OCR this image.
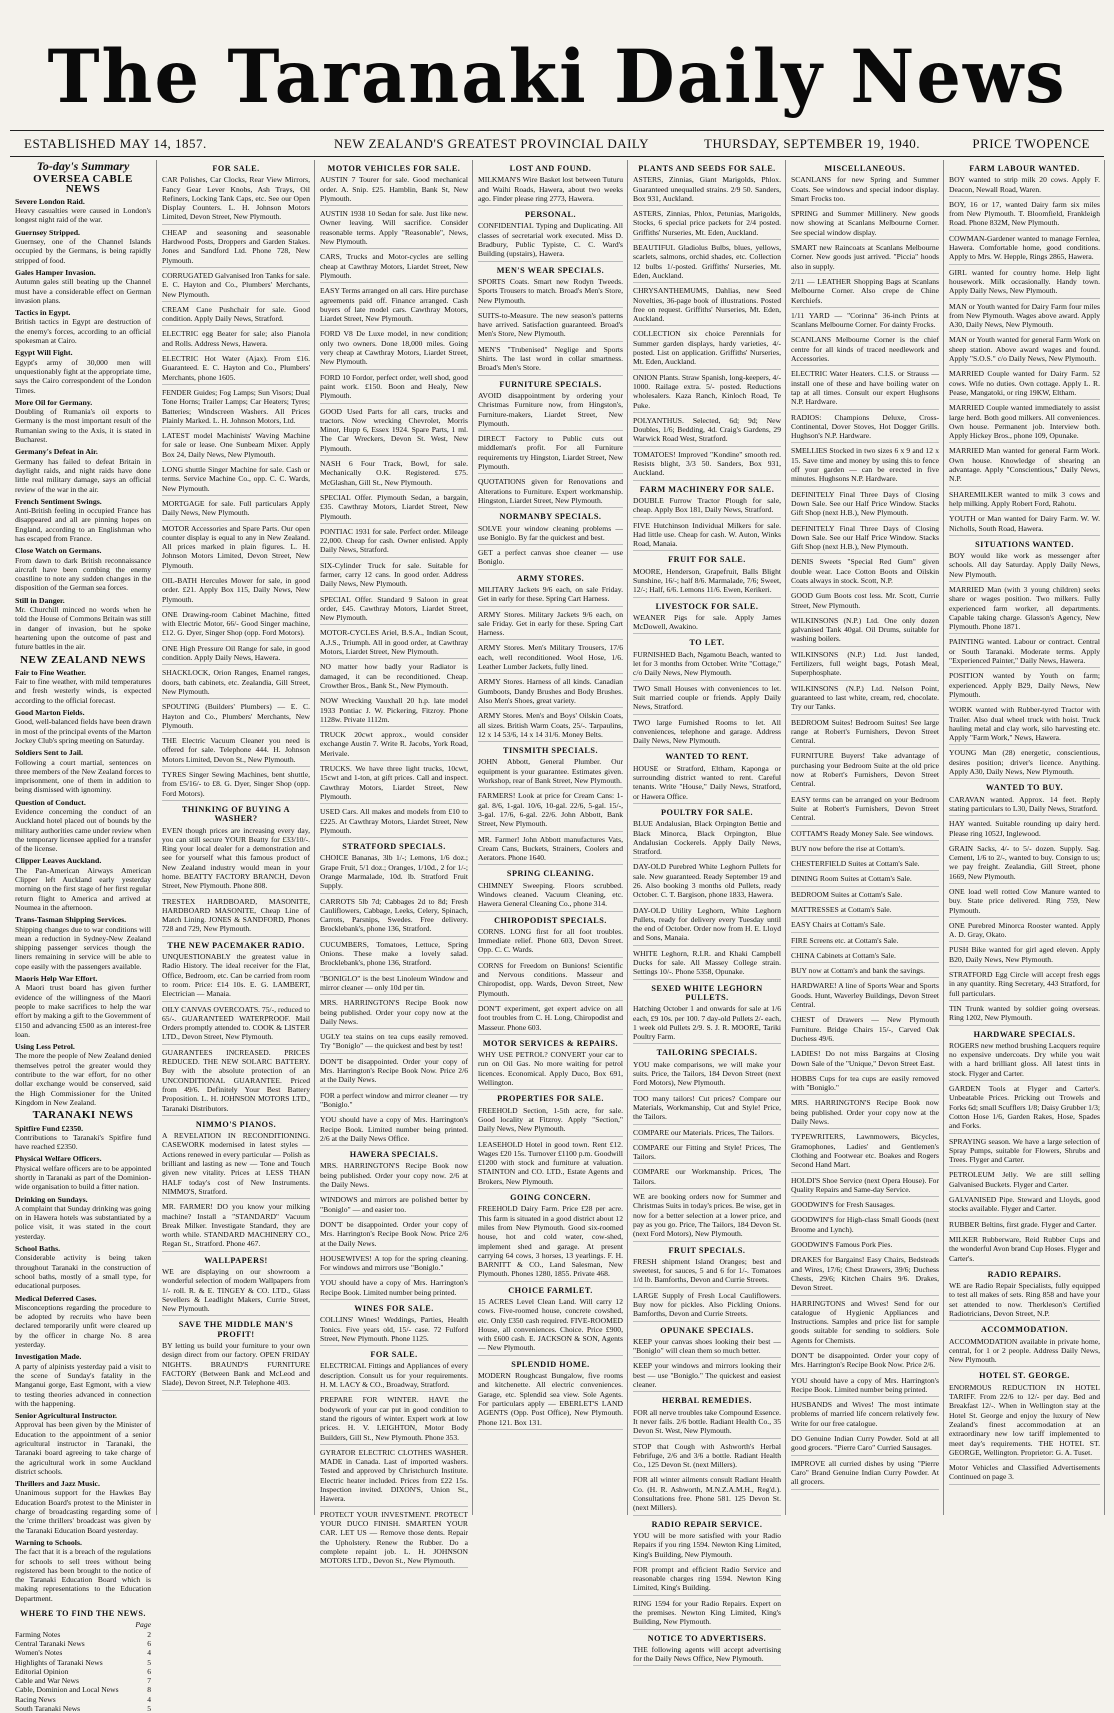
The Taranaki Daily News
ESTABLISHED MAY 14, 1857.	NEW ZEALAND'S GREATEST PROVINCIAL DAILY	THURSDAY, SEPTEMBER 19, 1940.	PRICE TWOPENCE
To-day's Summary
OVERSEA CABLE NEWS
Severe London Raid.
Heavy casualties were caused in London's longest night raid of the war.
Guernsey Stripped.
Guernsey, one of the Channel Islands occupied by the Germans, is being rapidly stripped of food.
Gales Hamper Invasion.
Autumn gales still beating up the Channel must have a considerable effect on German invasion plans.
Tactics in Egypt.
British tactics in Egypt are destruction of the enemy's forces, according to an official spokesman at Cairo.
Egypt Will Fight.
Egypt's army of 30,000 men will unquestionably fight at the appropriate time, says the Cairo correspondent of the London Times.
More Oil for Germany.
Doubling of Rumania's oil exports to Germany is the most important result of the Rumanian swing to the Axis, it is stated in Bucharest.
Germany's Defeat in Air.
Germany has failed to defeat Britain in daylight raids, and night raids have done little real military damage, says an official review of the war in the air.
French Sentiment Swings.
Anti-British feeling in occupied France has disappeared and all are pinning hopes on England, according to an Englishman who has escaped from France.
Close Watch on Germans.
From dawn to dark British reconnaissance aircraft have been combing the enemy coastline to note any sudden changes in the disposition of the German sea forces.
Still in Danger.
Mr. Churchill minced no words when he told the House of Commons Britain was still in danger of invasion, but he spoke heartening upon the outcome of past and future battles in the air.
NEW ZEALAND NEWS
Fair to Fine Weather.
Fair to fine weather, with mild temperatures and fresh westerly winds, is expected according to the official forecast.
Good Marton Fields.
Good, well-balanced fields have been drawn in most of the principal events of the Marton Jockey Club's spring meeting on Saturday.
Soldiers Sent to Jail.
Following a court martial, sentences on three members of the New Zealand forces to imprisonment, one of them in addition to being dismissed with ignominy.
Question of Conduct.
Evidence concerning the conduct of an Auckland hotel placed out of bounds by the military authorities came under review when the temporary licensee applied for a transfer of the license.
Clipper Leaves Auckland.
The Pan-American Airways American Clipper left Auckland early yesterday morning on the first stage of her first regular return flight to America and arrived at Noumea in the afternoon.
Trans-Tasman Shipping Services.
Shipping changes due to war conditions will mean a reduction in Sydney-New Zealand shipping passenger services though the liners remaining in service will be able to cope easily with the passengers available.
Maoris Help War Effort.
A Maori trust board has given further evidence of the willingness of the Maori people to make sacrifices to help the war effort by making a gift to the Government of £150 and advancing £500 as an interest-free loan.
Using Less Petrol.
The more the people of New Zealand denied themselves petrol the greater would they contribute to the war effort, for no other dollar exchange would be conserved, said the High Commissioner for the United Kingdom in New Zealand.
TARANAKI NEWS
Spitfire Fund £2350.
Contributions to Taranaki's Spitfire fund have reached £2350.
Physical Welfare Officers.
Physical welfare officers are to be appointed shortly in Taranaki as part of the Dominion-wide organisation to build a fitter nation.
Drinking on Sundays.
A complaint that Sunday drinking was going on in Hawera hotels was substantiated by a police visit, it was stated in the court yesterday.
School Baths.
Considerable activity is being taken throughout Taranaki in the construction of school baths, mostly of a small type, for educational purposes.
Medical Deferred Cases.
Misconceptions regarding the procedure to be adopted by recruits who have been declared temporarily unfit were cleared up by the officer in charge No. 8 area yesterday.
Investigation Made.
A party of alpinists yesterday paid a visit to the scene of Sunday's fatality in the Manganui gorge, East Egmont, with a view to testing theories advanced in connection with the happening.
Senior Agricultural Instructor.
Approval has been given by the Minister of Education to the appointment of a senior agricultural instructor in Taranaki, the Taranaki board agreeing to take charge of the agricultural work in some Auckland district schools.
Thrillers and Jazz Music.
Unanimous support for the Hawkes Bay Education Board's protest to the Minister in charge of broadcasting regarding some of the 'crime thrillers' broadcast was given by the Taranaki Education Board yesterday.
Warning to Schools.
The fact that it is a breach of the regulations for schools to sell trees without being registered has been brought to the notice of the Taranaki Education Board which is making representations to the Education Department.
WHERE TO FIND THE NEWS.
Page
Farming Notes	2
Central Taranaki News	6
Women's Notes	4
Highlights of Taranaki News	5
Editorial Opinion	6
Cable and War News	7
Cable, Dominion and Local News	8
Racing News	4
South Taranaki News	5
FOR SALE.

CAR Polishes, Car Clocks, Rear View Mirrors, Fancy Gear Lever Knobs, Ash Trays, Oil Refiners, Locking Tank Caps, etc. See our Open Display Counters. L. H. Johnson Motors Limited, Devon Street, New Plymouth.

CHEAP and seasoning and seasonable Hardwood Posts, Droppers and Garden Stakes. Jones and Sandford Ltd. Phone 728, New Plymouth.

CORRUGATED Galvanised Iron Tanks for sale. E. C. Hayton and Co., Plumbers' Merchants, New Plymouth.

CREAM Cane Pushchair for sale. Good condition. Apply Daily News, Stratford.

ELECTRIC egg Beater for sale; also Pianola and Rolls. Address News, Hawera.

ELECTRIC Hot Water (Ajax). From £16. Guaranteed. E. C. Hayton and Co., Plumbers' Merchants, phone 1605.

FENDER Guides; Fog Lamps; Sun Visors; Dual Tone Horns; Trailer Lamps; Car Heaters; Tyres; Batteries; Windscreen Washers. All Prices Plainly Marked. L. H. Johnson Motors, Ltd.

LATEST model Machinists' Waving Machine for sale or lease. One Sunbeam Mixer. Apply Box 24, Daily News, New Plymouth.

LONG shuttle Singer Machine for sale. Cash or terms. Service Machine Co., opp. C. C. Wards, New Plymouth.

MORTGAGE for sale. Full particulars Apply Daily News, New Plymouth.

MOTOR Accessories and Spare Parts. Our open counter display is equal to any in New Zealand. All prices marked in plain figures. L. H. Johnson Motors Limited, Devon Street, New Plymouth.

OIL-BATH Hercules Mower for sale, in good order. £21. Apply Box 115, Daily News, New Plymouth.

ONE Drawing-room Cabinet Machine, fitted with Electric Motor, 66/- Good Singer machine, £12. G. Dyer, Singer Shop (opp. Ford Motors).

ONE High Pressure Oil Range for sale, in good condition. Apply Daily News, Hawera.

SHACKLOCK, Orion Ranges, Enamel ranges, doors, bath cabinets, etc. Zealandia, Gill Street, New Plymouth.

SPOUTING (Builders' Plumbers) — E. C. Hayton and Co., Plumbers' Merchants, New Plymouth.

THE Electric Vacuum Cleaner you need is offered for sale. Telephone 444. H. Johnson Motors Limited, Devon St., New Plymouth.

TYRES Singer Sewing Machines, bent shuttle, from £5/16/- to £8. G. Dyer, Singer Shop (opp. Ford Motors).

THINKING OF BUYING A WASHER?

EVEN though prices are increasing every day, you can still secure YOUR Beatty for £33/10/-. Ring your local dealer for a demonstration and see for yourself what this famous product of New Zealand industry would mean in your home. BEATTY FACTORY BRANCH, Devon Street, New Plymouth. Phone 808.

TRESTEX HARDBOARD, MASONITE, HARDBOARD MASONITE, Cheap Line of Match Lining. JONES & SANDFORD, Phones 728 and 729, New Plymouth.

THE NEW PACEMAKER RADIO.

UNQUESTIONABLY the greatest value in Radio History. The ideal receiver for the Flat, Office, Bedroom, etc. Can be carried from room to room. Price: £14 10s. E. G. LAMBERT, Electrician — Manaia.

OILY CANVAS OVERCOATS. 75/-, reduced to 65/-. GUARANTEED WATERPROOF. Mail Orders promptly attended to. COOK & LISTER LTD., Devon Street, New Plymouth.

GUARANTEES INCREASED. PRICES REDUCED. THE NEW SOLARC BATTERY. Buy with the absolute protection of an UNCONDITIONAL GUARANTEE. Priced from 49/6. Definitely Your Best Battery Proposition. L. H. JOHNSON MOTORS LTD., Taranaki Distributors.

NIMMO'S PIANOS.

A REVELATION IN RECONDITIONING. CASEWORK modernised in latest styles — Actions renewed in every particular — Polish as brilliant and lasting as new — Tone and Touch given new vitality. Prices at LESS THAN HALF today's cost of New Instruments. NIMMO'S, Stratford.

MR. FARMER! DO you know your milking machine? Install a "STANDARD" Vacuum Break Milker. Investigate Standard, they are worth while. STANDARD MACHINERY CO., Regan St., Stratford. Phone 467.

WALLPAPERS!

WE are displaying on our showroom a wonderful selection of modern Wallpapers from 1/- roll. R. & E. TINGEY & CO. LTD., Glass Sevellers & Leadlight Makers, Currie Street, New Plymouth.

SAVE THE MIDDLE MAN'S PROFIT!

BY letting us build your furniture to your own design direct from our factory. OPEN FRIDAY NIGHTS. BRAUND'S FURNITURE FACTORY (Between Bank and McLeod and Slade), Devon Street, N.P. Telephone 403.

MOTOR VEHICLES FOR SALE.

AUSTIN 7 Tourer for sale. Good mechanical order. A. Snip. £25. Hamblin, Bank St, New Plymouth.

AUSTIN 1938 10 Sedan for sale. Just like new. Owner leaving. Will sacrifice. Consider reasonable terms. Apply "Reasonable", News, New Plymouth.

CARS, Trucks and Motor-cycles are selling cheap at Cawthray Motors, Liardet Street, New Plymouth.

EASY Terms arranged on all cars. Hire purchase agreements paid off. Finance arranged. Cash buyers of late model cars. Cawthray Motors, Liardet Street, New Plymouth.

FORD V8 De Luxe model, in new condition; only two owners. Done 18,000 miles. Going very cheap at Cawthray Motors, Liardet Street, New Plymouth.

FORD 10 Fordor, perfect order, well shod, good paint work. £150. Boon and Healy, New Plymouth.

GOOD Used Parts for all cars, trucks and tractors. Now wrecking Chevrolet, Morris Minor, Hupp 6, Essex 1924. Spare Parts, 1 ml. The Car Wreckers, Devon St. West, New Plymouth.

NASH 6 Four Track, Bowl, for sale. Mechanically O.K. Registered. £75. McGlashan, Gill St., New Plymouth.

SPECIAL Offer. Plymouth Sedan, a bargain, £35. Cawthray Motors, Liardet Street, New Plymouth.

PONTIAC 1931 for sale. Perfect order. Mileage 22,000. Cheap for cash. Owner enlisted. Apply Daily News, Stratford.

SIX-Cylinder Truck for sale. Suitable for farmer, carry 12 cans. In good order. Address Daily News, New Plymouth.

SPECIAL Offer. Standard 9 Saloon in great order, £45. Cawthray Motors, Liardet Street, New Plymouth.

MOTOR-CYCLES Ariel, B.S.A., Indian Scout, A.J.S., Triumph. All in good order, at Cawthray Motors, Liardet Street, New Plymouth.

NO matter how badly your Radiator is damaged, it can be reconditioned. Cheap. Crowther Bros., Bank St., New Plymouth.

NOW Wrecking Vauxhall 20 h.p. late model 1933 Pontiac J. W. Pickering, Fitzroy. Phone 1128w. Private 1112m.

TRUCK 20cwt approx., would consider exchange Austin 7. Write R. Jacobs, York Road, Merivale.

TRUCKS. We have three light trucks, 10cwt, 15cwt and 1-ton, at gift prices. Call and inspect. Cawthray Motors, Liardet Street, New Plymouth.

USED Cars. All makes and models from £10 to £225. At Cawthray Motors, Liardet Street, New Plymouth.

STRATFORD SPECIALS.

CHOICE Bananas, 3lb 1/-; Lemons, 1/6 doz.; Grape Fruit, 5/1 doz.; Oranges, 1/10d., 2 for 1/-; Orange Marmalade, 10d. lb. Stratford Fruit Supply.

CARROTS 5lb 7d; Cabbages 2d to 8d; Fresh Cauliflowers, Cabbage, Leeks, Celery, Spinach, Carrots, Parsnips, Swedes. Free delivery. Brocklebank's, phone 136, Stratford.

CUCUMBERS, Tomatoes, Lettuce, Spring Onions. These make a lovely salad. Brocklebank's, phone 136, Stratford.

"BONIGLO" is the best Linoleum Window and mirror cleaner — only 10d per tin.

MRS. HARRINGTON'S Recipe Book now being published. Order your copy now at the Daily News.

UGLY tea stains on tea cups easily removed. Try "Boniglo" — the quickest and best by test!

DON'T be disappointed. Order your copy of Mrs. Harrington's Recipe Book Now. Price 2/6 at the Daily News.

FOR a perfect window and mirror cleaner — try "Boniglo."

YOU should have a copy of Mrs. Harrington's Recipe Book. Limited number being printed. 2/6 at the Daily News Office.

HAWERA SPECIALS.

MRS. HARRINGTON'S Recipe Book now being published. Order your copy now. 2/6 at the Daily News.

WINDOWS and mirrors are polished better by "Boniglo" — and easier too.

DON'T be disappointed. Order your copy of Mrs. Harrington's Recipe Book Now. Price 2/6 at the Daily News.

HOUSEWIVES! A top for the spring cleaning. For windows and mirrors use "Boniglo."

YOU should have a copy of Mrs. Harrington's Recipe Book. Limited number being printed.

WINES FOR SALE.

COLLINS' Wines! Weddings, Parties, Health Tonics. Five years old, 15/- case. 72 Fulford Street, New Plymouth. Phone 1125.

FOR SALE.

ELECTRICAL Fittings and Appliances of every description. Consult us for your requirements. H. M. LACY & CO., Broadway, Stratford.

PREPARE FOR WINTER. HAVE the bodywork of your car put in good condition to stand the rigours of winter. Expert work at low prices. H. V. LEIGHTON, Motor Body Builders, Gill St., New Plymouth. Phone 353.

GYRATOR ELECTRIC CLOTHES WASHER. MADE in Canada. Last of imported washers. Tested and approved by Christchurch Institute. Electric heater included. Prices from £22 15s. Inspection invited. DIXON'S, Union St., Hawera.

PROTECT YOUR INVESTMENT. PROTECT YOUR DUCO FINISH. SMARTEN YOUR CAR. LET US — Remove those dents. Repair the Upholstery. Renew the Rubber. Do a complete repaint job. L. H. JOHNSON MOTORS LTD., Devon St., New Plymouth.

LOST AND FOUND.

MILKMAN'S Wire Basket lost between Tuturu and Waihi Roads, Hawera, about two weeks ago. Finder please ring 2773, Hawera.

PERSONAL.

CONFIDENTIAL Typing and Duplicating. All classes of secretarial work executed. Miss D. Bradbury, Public Typiste, C. C. Ward's Building (upstairs), Hawera.

MEN'S WEAR SPECIALS.

SPORTS Coats. Smart new Rodyn Tweeds. Sports Trousers to match. Broad's Men's Store, New Plymouth.

SUITS-to-Measure. The new season's patterns have arrived. Satisfaction guaranteed. Broad's Men's Store, New Plymouth.

MEN'S "Trubenised" Neglige and Sports Shirts. The last word in collar smartness. Broad's Men's Store.

FURNITURE SPECIALS.

AVOID disappointment by ordering your Christmas Furniture now, from Hingston's, Furniture-makers, Liardet Street, New Plymouth.

DIRECT Factory to Public cuts out middleman's profit. For all Furniture requirements try Hingston, Liardet Street, New Plymouth.

QUOTATIONS given for Renovations and Alterations to Furniture. Expert workmanship. Hingston, Liardet Street, New Plymouth.

NORMANBY SPECIALS.

SOLVE your window cleaning problems — use Boniglo. By far the quickest and best.

GET a perfect canvas shoe cleaner — use Boniglo.

ARMY STORES.

MILITARY Jackets 9/6 each, on sale Friday. Get in early for these. Spring Cart Harness.

ARMY Stores. Military Jackets 9/6 each, on sale Friday. Get in early for these. Spring Cart Harness.

ARMY Stores. Men's Military Trousers, 17/6 each, well reconditioned. Wool Hose, 1/6. Leather Lumber Jackets, fully lined.

ARMY Stores. Harness of all kinds. Canadian Gumboots, Dandy Brushes and Body Brushes. Also Men's Shoes, great variety.

ARMY Stores. Men's and Boys' Oilskin Coats, all sizes. British Warm Coats, 25/-. Tarpaulins, 12 x 14 53/6, 14 x 14 31/6. Money Belts.

TINSMITH SPECIALS.

JOHN Abbott, General Plumber. Our equipment is your guarantee. Estimates given. Workshop, rear of Bank Street, New Plymouth.

FARMERS! Look at price for Cream Cans: 1-gal. 8/6, 1-gal. 10/6, 10-gal. 22/6, 5-gal. 15/-, 3-gal. 17/6, 6-gal. 22/6. John Abbott, Bank Street, New Plymouth.

MR. Farmer! John Abbott manufactures Vats, Cream Cans, Buckets, Strainers, Coolers and Aerators. Phone 1640.

SPRING CLEANING.

CHIMNEY Sweeping. Floors scrubbed. Windows cleaned. Vacuum Cleaning, etc. Hawera General Cleaning Co., phone 314.

CHIROPODIST SPECIALS.

CORNS. LONG first for all foot troubles. Immediate relief. Phone 603, Devon Street. Opp. C. C. Wards.

CORNS for Freedom on Bunions! Scientific and Nervous conditions. Masseur and Chiropodist, opp. Wards, Devon Street, New Plymouth.

DON'T experiment, get expert advice on all foot troubles from C. H. Long, Chiropodist and Masseur. Phone 603.

MOTOR SERVICES & REPAIRS.

WHY USE PETROL? CONVERT your car to run on Oil Gas. No more waiting for petrol licences. Economical. Apply Duco, Box 691, Wellington.

PROPERTIES FOR SALE.

FREEHOLD Section, 1-5th acre, for sale. Good locality at Fitzroy. Apply "Section," Daily News, New Plymouth.

LEASEHOLD Hotel in good town. Rent £12. Wages £20 15s. Turnover £1100 p.m. Goodwill £1200 with stock and furniture at valuation. STAINTON and CO. LTD., Estate Agents and Brokers, New Plymouth.

GOING CONCERN.

FREEHOLD Dairy Farm. Price £28 per acre. This farm is situated in a good district about 12 miles from New Plymouth. Good six-roomed house, hot and cold water, cow-shed, implement shed and garage. At present carrying 64 cows, 3 horses, 13 yearlings. F. H. BARNITT & CO., Land Salesman, New Plymouth. Phones 1280, 1855. Private 468.

CHOICE FARMLET.

15 ACRES Level Clean Land. Will carry 12 cows. Five-roomed house, concrete cowshed, etc. Only £350 cash required. FIVE-ROOMED House, all conveniences. Choice. Price £900, with £600 cash. E. JACKSON & SON, Agents — New Plymouth.

SPLENDID HOME.

MODERN Roughcast Bungalow, five rooms and kitchenette. All electric conveniences. Garage, etc. Splendid sea view. Sole Agents. For particulars apply — EBERLET'S LAND AGENTS (Opp. Post Office), New Plymouth. Phone 121. Box 131.

PLANTS AND SEEDS FOR SALE.

ASTERS, Zinnias, Giant Marigolds, Phlox. Guaranteed unequalled strains. 2/9 50. Sanders, Box 931, Auckland.

ASTERS, Zinnias, Phlox, Petunias, Marigolds, Stocks, 6 special price packets for 2/4 posted. Griffiths' Nurseries, Mt. Eden, Auckland.

BEAUTIFUL Gladiolus Bulbs, blues, yellows, scarlets, salmons, orchid shades, etc. Collection 12 bulbs 1/-posted. Griffiths' Nurseries, Mt. Eden, Auckland.

CHRYSANTHEMUMS, Dahlias, new Seed Novelties, 36-page book of illustrations. Posted free on request. Griffiths' Nurseries, Mt. Eden, Auckland.

COLLECTION six choice Perennials for Summer garden displays, hardy varieties, 4/- posted. List on application. Griffiths' Nurseries, Mt. Eden, Auckland.

ONION Plants. Straw Spanish, long-keepers, 4/- 1000. Railage extra. 5/- posted. Reductions wholesalers. Kaza Ranch, Kinloch Road, Te Puke.

POLYANTHUS. Selected, 6d; 9d; New Doubles, 1/6; Bedding, 4d. Craig's Gardens, 29 Warwick Road West, Stratford.

TOMATOES! Improved "Kondine" smooth red. Resists blight, 3/3 50. Sanders, Box 931, Auckland.

FARM MACHINERY FOR SALE.

DOUBLE Furrow Tractor Plough for sale, cheap. Apply Box 181, Daily News, Stratford.

FIVE Hutchinson Individual Milkers for sale. Had little use. Cheap for cash. W. Auton, Winks Road, Manaia.

FRUIT FOR SALE.

MOORE, Henderson, Grapefruit, Balls Blight Sunshine, 16/-; half 8/6. Marmalade, 7/6; Sweet, 12/-; Half, 6/6. Lemons 11/6. Ewen, Kerikeri.

LIVESTOCK FOR SALE.

WEANER Pigs for sale. Apply James McDowell, Awakino.

TO LET.

FURNISHED Bach, Ngamotu Beach, wanted to let for 3 months from October. Write "Cottage," c/o Daily News, New Plymouth.

TWO Small Houses with conveniences to let. Suit married couple or friends. Apply Daily News, Stratford.

TWO large Furnished Rooms to let. All conveniences, telephone and garage. Address Daily News, New Plymouth.

WANTED TO RENT.

HOUSE or Stratford, Eltham, Kaponga or surrounding district wanted to rent. Careful tenants. Write "House," Daily News, Stratford, or Hawera Office.

POULTRY FOR SALE.

BLUE Andalusian, Black Orpington Bettie and Black Minorca, Black Orpington, Blue Andalusian Cockerels. Apply Daily News, Stratford.

DAY-OLD Purebred White Leghorn Pullets for sale. New guaranteed. Ready September 19 and 26. Also booking 3 months old Pullets, ready October. C. T. Bargison, phone 1833, Hawera.

DAY-OLD Utility Leghorn, White Leghorn Pullets, ready for delivery every Tuesday until the end of October. Order now from H. E. Lloyd and Sons, Manaia.

WHITE Leghorn, R.I.R. and Khaki Campbell Ducks for sale. All Massey College strain. Settings 10/-. Phone 5358, Opunake.

SEXED WHITE LEGHORN PULLETS.

Hatching October 1 and onwards for sale at 1/6 each, £9 10s. per 100. 7 day-old Pullets 2/- each, 1 week old Pullets 2/9. S. J. R. MOORE, Tariki Poultry Farm.

TAILORING SPECIALS.

YOU make comparisons, we will make your suits. Price, the Tailors, 184 Devon Street (next Ford Motors), New Plymouth.

TOO many tailors! Cut prices? Compare our Materials, Workmanship, Cut and Style! Price, the Tailors.

COMPARE our Materials. Prices, The Tailors.

COMPARE our Fitting and Style! Prices, The Tailors.

COMPARE our Workmanship. Prices, The Tailors.

WE are booking orders now for Summer and Christmas Suits in today's prices. Be wise, get in now for a better selection at a lower price, and pay as you go. Price, The Tailors, 184 Devon St. (next Ford Motors), New Plymouth.

FRUIT SPECIALS.

FRESH shipment Island Oranges; best and sweetest, for sauces, 5 and 6 for 1/-. Tomatoes 1/d lb. Bamforths, Devon and Currie Streets.

LARGE Supply of Fresh Local Cauliflowers. Buy now for pickles. Also Pickling Onions. Bamforths, Devon and Currie Streets.

OPUNAKE SPECIALS.

KEEP your canvas shoes looking their best — "Boniglo" will clean them so much better.

KEEP your windows and mirrors looking their best — use "Boniglo." The quickest and easiest cleaner.

HERBAL REMEDIES.

FOR all nerve troubles take Compound Essence. It never fails. 2/6 bottle. Radiant Health Co., 35 Devon St. West, New Plymouth.

STOP that Cough with Ashworth's Herbal Febrifuge, 2/6 and 3/6 a bottle. Radiant Health Co., 125 Devon St. (next Millers).

FOR all winter ailments consult Radiant Health Co. (H. R. Ashworth, M.N.Z.A.M.H., Reg'd.). Consultations free. Phone 581. 125 Devon St. (next Millers).

RADIO REPAIR SERVICE.

YOU will be more satisfied with your Radio Repairs if you ring 1594. Newton King Limited, King's Building, New Plymouth.

FOR prompt and efficient Radio Service and reasonable charges ring 1594. Newton King Limited, King's Building.

RING 1594 for your Radio Repairs. Expert on the premises. Newton King Limited, King's Building, New Plymouth.

NOTICE TO ADVERTISERS.

THE following agents will accept advertising for the Daily News Office, New Plymouth.

MISCELLANEOUS.

SCANLANS for new Spring and Summer Coats. See windows and special indoor display. Smart Frocks too.

SPRING and Summer Millinery. New goods now showing at Scanlans Melbourne Corner. See special window display.

SMART new Raincoats at Scanlans Melbourne Corner. New goods just arrived. "Piccia" hoods also in supply.

2/11 — LEATHER Shopping Bags at Scanlans Melbourne Corner. Also crepe de Chine Kerchiefs.

1/11 YARD — "Corinna" 36-inch Prints at Scanlans Melbourne Corner. For dainty Frocks.

SCANLANS Melbourne Corner is the chief centre for all kinds of traced needlework and Accessories.

ELECTRIC Water Heaters. C.I.S. or Strauss — install one of these and have boiling water on tap at all times. Consult our expert Hughsons N.P. Hardware.

RADIOS: Champions Deluxe, Cross-Continental, Dover Stoves, Hot Dogger Grills. Hughson's N.P. Hardware.

SMELLIES Stocked in two sizes 6 x 9 and 12 x 15. Save time and money by using this to fence off your garden — can be erected in five minutes. Hughsons N.P. Hardware.

DEFINITELY Final Three Days of Closing Down Sale. See our Half Price Window. Stacks Gift Shop (next H.B.), New Plymouth.

DEFINITELY Final Three Days of Closing Down Sale. See our Half Price Window. Stacks Gift Shop (next H.B.), New Plymouth.

DENIS Sweets "Special Red Gum" given double wear. Lace Cotton Boots and Oilskin Coats always in stock. Scott, N.P.

GOOD Gum Boots cost less. Mr. Scott, Currie Street, New Plymouth.

WILKINSONS (N.P.) Ltd. One only dozen galvanised Tank 40gal. Oil Drums, suitable for washing boilers.

WILKINSONS (N.P.) Ltd. Just landed, Fertilizers, full weight bags, Potash Meal, Superphosphate.

WILKINSONS (N.P.) Ltd. Nelson Point, guaranteed to last white, cream, red, chocolate. Try our Tanks.

BEDROOM Suites! Bedroom Suites! See large range at Robert's Furnishers, Devon Street Central.

FURNITURE Buyers! Take advantage of purchasing your Bedroom Suite at the old price now at Robert's Furnishers, Devon Street Central.

EASY terms can be arranged on your Bedroom Suite at Robert's Furnishers, Devon Street Central.

COTTAM'S Ready Money Sale. See windows.

BUY now before the rise at Cottam's.

CHESTERFIELD Suites at Cottam's Sale.

DINING Room Suites at Cottam's Sale.

BEDROOM Suites at Cottam's Sale.

MATTRESSES at Cottam's Sale.

EASY Chairs at Cottam's Sale.

FIRE Screens etc. at Cottam's Sale.

CHINA Cabinets at Cottam's Sale.

BUY now at Cottam's and bank the savings.

HARDWARE! A line of Sports Wear and Sports Goods. Hunt, Waverley Buildings, Devon Street Central.

CHEST of Drawers — New Plymouth Furniture. Bridge Chairs 15/-, Carved Oak Duchess 49/6.

LADIES! Do not miss Bargains at Closing Down Sale of the "Unique," Devon Street East.

HOBBS Cups for tea cups are easily removed with "Boniglo."

MRS. HARRINGTON'S Recipe Book now being published. Order your copy now at the Daily News.

TYPEWRITERS, Lawnmowers, Bicycles, Gramophones, Ladies' and Gentlemen's Clothing and Footwear etc. Boakes and Rogers Second Hand Mart.

HOLDI'S Shoe Service (next Opera House). For Quality Repairs and Same-day Service.

GOODWIN'S for Fresh Sausages.

GOODWIN'S for High-class Small Goods (next Broome and Lynch).

GOODWIN'S Famous Pork Pies.

DRAKES for Bargains! Easy Chairs, Bedsteads and Wires, 17/6; Chest Drawers, 39/6; Duchess Chests, 29/6; Kitchen Chairs 9/6. Drakes, Devon Street.

HARRINGTONS and Wives! Send for our catalogue of Hygienic Appliances and Instructions. Samples and price list for sample goods suitable for sending to soldiers. Sole Agents for Chemists.

DON'T be disappointed. Order your copy of Mrs. Harrington's Recipe Book Now. Price 2/6.

YOU should have a copy of Mrs. Harrington's Recipe Book. Limited number being printed.

HUSBANDS and Wives! The most intimate problems of married life concern relatively few. Write for our free catalogue.

DO Genuine Indian Curry Powder. Sold at all good grocers. "Pierre Caro" Curried Sausages.

IMPROVE all curried dishes by using "Pierre Caro" Brand Genuine Indian Curry Powder. At all grocers.

FARM LABOUR WANTED.

BOY wanted to strip milk 20 cows. Apply F. Deacon, Newall Road, Waren.

BOY, 16 or 17, wanted Dairy farm six miles from New Plymouth. T. Bloomfield, Frankleigh Road. Phone 832M, New Plymouth.

COWMAN-Gardener wanted to manage Fernlea, Hawera. Comfortable home, good conditions. Apply to Mrs. W. Hepple, Rings 2865, Hawera.

GIRL wanted for country home. Help light housework. Milk occasionally. Handy town. Apply Daily News, New Plymouth.

MAN or Youth wanted for Dairy Farm four miles from New Plymouth. Wages above award. Apply A30, Daily News, New Plymouth.

MAN or Youth wanted for general Farm Work on sheep station. Above award wages and found. Apply "S.O.S." c/o Daily News, New Plymouth.

MARRIED Couple wanted for Dairy Farm. 52 cows. Wife no duties. Own cottage. Apply L. R. Pease, Mangatoki, or ring 19KW, Eltham.

MARRIED Couple wanted immediately to assist large herd. Both good milkers. All conveniences. Own house. Permanent job. Interview both. Apply Hickey Bros., phone 109, Opunake.

MARRIED Man wanted for general Farm Work. Own house. Knowledge of shearing an advantage. Apply "Conscientious," Daily News, N.P.

SHAREMILKER wanted to milk 3 cows and help milking. Apply Robert Ford, Rahotu.

YOUTH or Man wanted for Dairy Farm. W. W. Nicholls, South Road, Hawera.

SITUATIONS WANTED.

BOY would like work as messenger after schools. All day Saturday. Apply Daily News, New Plymouth.

MARRIED Man (with 3 young children) seeks share or wages position. Two milkers. Fully experienced farm worker, all departments. Capable taking charge. Glasson's Agency, New Plymouth. Phone 1871.

PAINTING wanted. Labour or contract. Central or South Taranaki. Moderate terms. Apply "Experienced Painter," Daily News, Hawera.

POSITION wanted by Youth on farm; experienced. Apply B29, Daily News, New Plymouth.

WORK wanted with Rubber-tyred Tractor with Trailer. Also dual wheel truck with hoist. Truck hauling metal and clay work, silo harvesting etc. Apply "Farm Work," News, Hawera.

YOUNG Man (28) energetic, conscientious, desires position; driver's licence. Anything. Apply A30, Daily News, New Plymouth.

WANTED TO BUY.

CARAVAN wanted. Approx. 14 feet. Reply stating particulars to L30, Daily News, Stratford.

HAY wanted. Suitable rounding up dairy herd. Please ring 1052J, Inglewood.

GRAIN Sacks, 4/- to 5/- dozen. Supply. Sag. Cement, 1/6 to 2/-, wanted to buy. Consign to us; we pay freight. Zealandia, Gill Street, phone 1669, New Plymouth.

ONE load well rotted Cow Manure wanted to buy. State price delivered. Ring 759, New Plymouth.

ONE Purebred Minorca Rooster wanted. Apply A. D. Gray, Okato.

PUSH Bike wanted for girl aged eleven. Apply B20, Daily News, New Plymouth.

STRATFORD Egg Circle will accept fresh eggs in any quantity. Ring Secretary, 443 Stratford, for full particulars.

TIN Trunk wanted by soldier going overseas. Ring 1202, New Plymouth.

HARDWARE SPECIALS.

ROGERS new method brushing Lacquers require no expensive undercoats. Dry while you wait with a hard brilliant gloss. All latest tints in stock. Flyger and Carter.

GARDEN Tools at Flyger and Carter's. Unbeatable Prices. Pricking out Trowels and Forks 6d; small Scufflers 1/8; Daisy Grubber 1/3; Cotton Hose 1/6, Garden Rakes, Hose, Spades and Forks.

SPRAYING season. We have a large selection of Spray Pumps, suitable for Flowers, Shrubs and Trees. Flyger and Carter.

PETROLEUM Jelly. We are still selling Galvanised Buckets. Flyger and Carter.

GALVANISED Pipe. Steward and Lloyds, good stocks available. Flyger and Carter.

RUBBER Beltins, first grade. Flyger and Carter.

MILKER Rubberware, Reid Rubber Cups and the wonderful Avon brand Cup Hoses. Flyger and Carter's.

RADIO REPAIRS.

WE are Radio Repair Specialists, fully equipped to test all makes of sets. Ring 858 and have your set attended to now. Therkleson's Certified Radiotricians, Devon Street, N.P.

ACCOMMODATION.

ACCOMMODATION available in private home, central, for 1 or 2 people. Address Daily News, New Plymouth.

HOTEL ST. GEORGE.

ENORMOUS REDUCTION IN HOTEL TARIFF. From 22/6 to 12/- per day. Bed and Breakfast 12/-. When in Wellington stay at the Hotel St. George and enjoy the luxury of New Zealand's finest accommodation at an extraordinary new low tariff implemented to meet day's requirements. THE HOTEL ST. GEORGE, Wellington. Proprietor: G. A. Tuset.

Motor Vehicles and Classified Advertisements Continued on page 3.
